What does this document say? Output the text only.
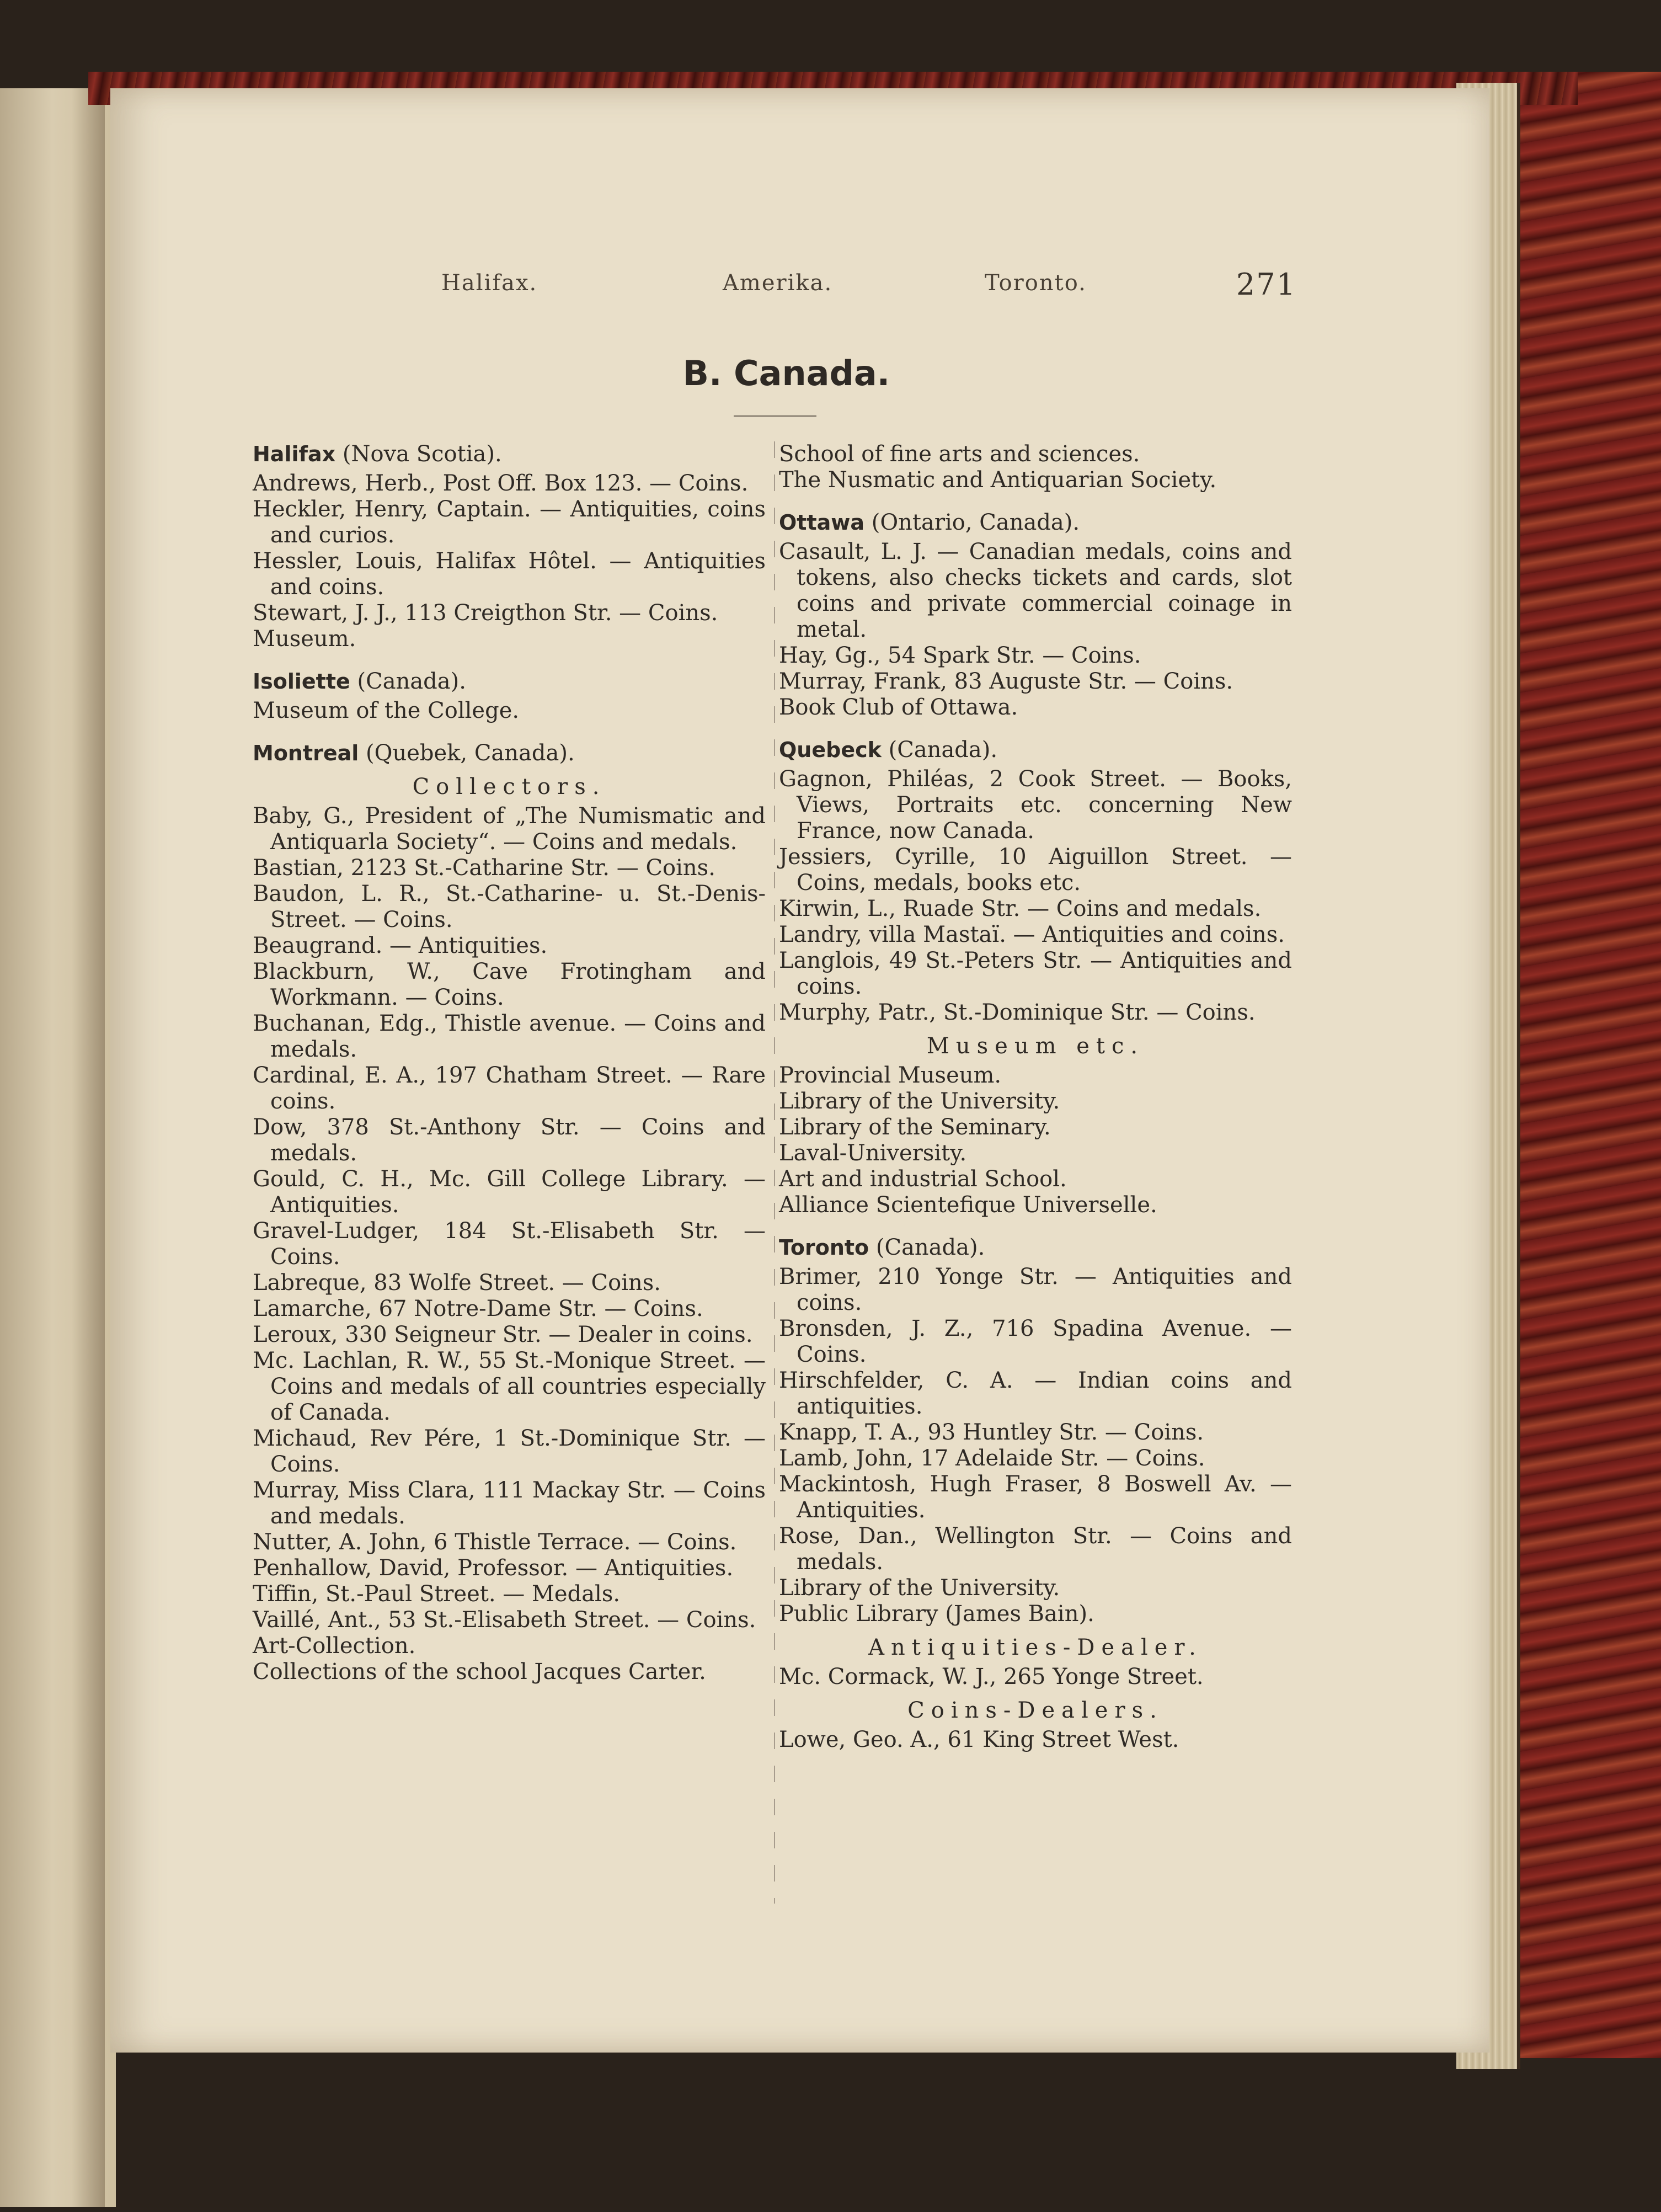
Halifax.	Amerika.	Toronto.	271
B. Canada.
Halifax (Nova Scotia).
Andrews, Herb., Post Off. Box 123. — Coins.
Heckler, Henry, Captain. — Antiquities, coins and curios.
Hessler, Louis, Halifax Hôtel. — Antiquities and coins.
Stewart, J. J., 113 Creigthon Str. — Coins.
Museum.
Isoliette (Canada).
Museum of the College.
Montreal (Quebek, Canada).
Collectors.
Baby, G., President of „The Numismatic and Antiquarla Society“. — Coins and medals.
Bastian, 2123 St.-Catharine Str. — Coins.
Baudon, L. R., St.-Catharine- u. St.-Denis-Street. — Coins.
Beaugrand. — Antiquities.
Blackburn, W., Cave Frotingham and Workmann. — Coins.
Buchanan, Edg., Thistle avenue. — Coins and medals.
Cardinal, E. A., 197 Chatham Street. — Rare coins.
Dow, 378 St.-Anthony Str. — Coins and medals.
Gould, C. H., Mc. Gill College Library. — Antiquities.
Gravel-Ludger, 184 St.-Elisabeth Str. — Coins.
Labreque, 83 Wolfe Street. — Coins.
Lamarche, 67 Notre-Dame Str. — Coins.
Leroux, 330 Seigneur Str. — Dealer in coins.
Mc. Lachlan, R. W., 55 St.-Monique Street. — Coins and medals of all countries especially of Canada.
Michaud, Rev Pére, 1 St.-Dominique Str. — Coins.
Murray, Miss Clara, 111 Mackay Str. — Coins and medals.
Nutter, A. John, 6 Thistle Terrace. — Coins.
Penhallow, David, Professor. — Antiquities.
Tiffin, St.-Paul Street. — Medals.
Vaillé, Ant., 53 St.-Elisabeth Street. — Coins.
Art-Collection.
Collections of the school Jacques Carter.
School of fine arts and sciences.
The Nusmatic and Antiquarian Society.
Ottawa (Ontario, Canada).
Casault, L. J. — Canadian medals, coins and tokens, also checks tickets and cards, slot coins and private commercial coinage in metal.
Hay, Gg., 54 Spark Str. — Coins.
Murray, Frank, 83 Auguste Str. — Coins.
Book Club of Ottawa.
Quebeck (Canada).
Gagnon, Philéas, 2 Cook Street. — Books, Views, Portraits etc. concerning New France, now Canada.
Jessiers, Cyrille, 10 Aiguillon Street. — Coins, medals, books etc.
Kirwin, L., Ruade Str. — Coins and medals.
Landry, villa Mastaï. — Antiquities and coins.
Langlois, 49 St.-Peters Str. — Antiquities and coins.
Murphy, Patr., St.-Dominique Str. — Coins.
Museum etc.
Provincial Museum.
Library of the University.
Library of the Seminary.
Laval-University.
Art and industrial School.
Alliance Scientefique Universelle.
Toronto (Canada).
Brimer, 210 Yonge Str. — Antiquities and coins.
Bronsden, J. Z., 716 Spadina Avenue. — Coins.
Hirschfelder, C. A. — Indian coins and antiquities.
Knapp, T. A., 93 Huntley Str. — Coins.
Lamb, John, 17 Adelaide Str. — Coins.
Mackintosh, Hugh Fraser, 8 Boswell Av. — Antiquities.
Rose, Dan., Wellington Str. — Coins and medals.
Library of the University.
Public Library (James Bain).
Antiquities-Dealer.
Mc. Cormack, W. J., 265 Yonge Street.
Coins-Dealers.
Lowe, Geo. A., 61 King Street West.
